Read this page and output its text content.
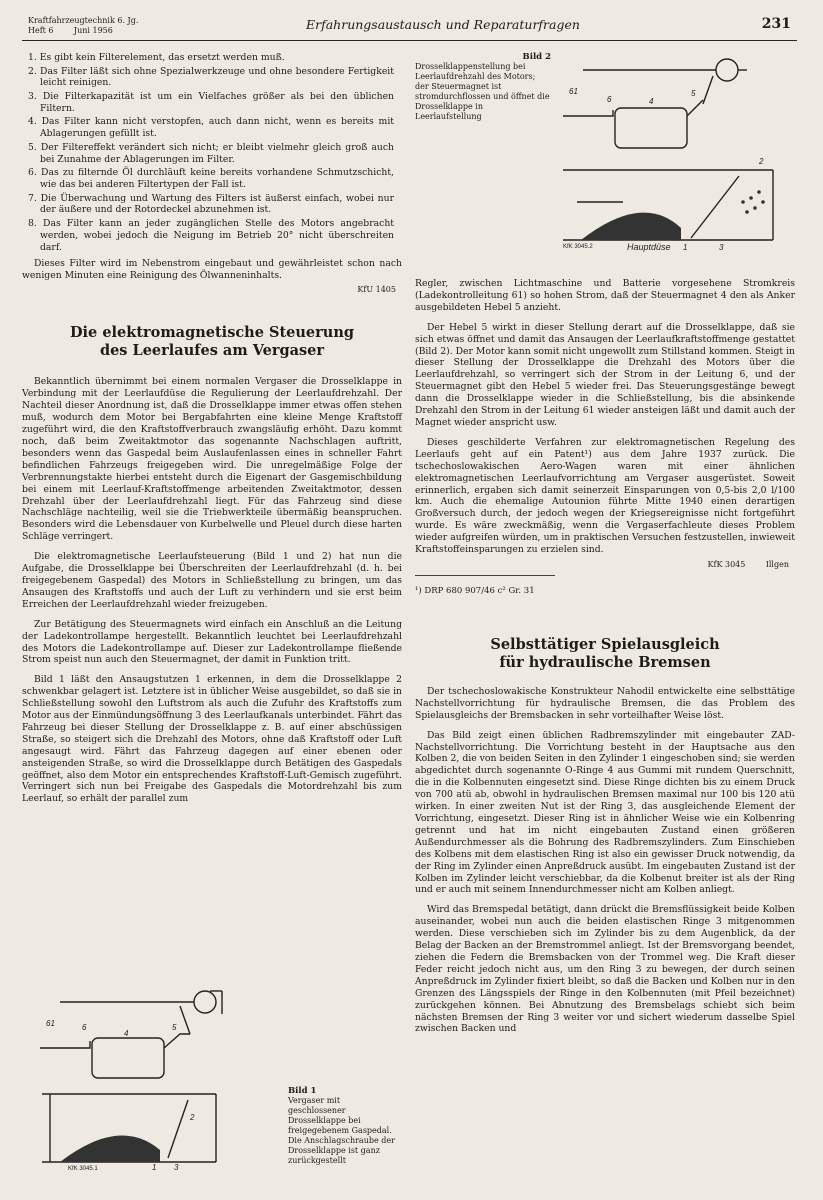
Kraftfahrzeugtechnik 6. Jg.
Heft 6        Juni 1956	Erfahrungsaustausch und Reparaturfragen	231
1. Es gibt kein Filterelement, das ersetzt werden muß.
2. Das Filter läßt sich ohne Spezialwerkzeuge und ohne besondere Fertigkeit leicht reinigen.
3. Die Filterkapazität ist um ein Vielfaches größer als bei den üblichen Filtern.
4. Das Filter kann nicht verstopfen, auch dann nicht, wenn es bereits mit Ablagerungen gefüllt ist.
5. Der Filtereffekt verändert sich nicht; er bleibt vielmehr gleich groß auch bei Zunahme der Ablagerungen im Filter.
6. Das zu filternde Öl durchläuft keine bereits vorhandene Schmutzschicht, wie das bei anderen Filtertypen der Fall ist.
7. Die Überwachung und Wartung des Filters ist äußerst einfach, wobei nur der äußere und der Rotordeckel abzunehmen ist.
8. Das Filter kann an jeder zugänglichen Stelle des Motors angebracht werden, wobei jedoch die Neigung im Betrieb 20° nicht überschreiten darf.

Dieses Filter wird im Nebenstrom eingebaut und gewährleistet schon nach wenigen Minuten eine Reinigung des Ölwanneninhalts.

KfU 1405
Die elektromagnetische Steuerung
des Leerlaufes am Vergaser

Bekanntlich übernimmt bei einem normalen Vergaser die Drosselklappe in Verbindung mit der Leerlaufdüse die Regulierung der Leerlaufdrehzahl. Der Nachteil dieser Anordnung ist, daß die Drosselklappe immer etwas offen stehen muß, wodurch dem Motor bei Bergabfahrten eine kleine Menge Kraftstoff zugeführt wird, die den Kraftstoffverbrauch zwangsläufig erhöht. Dazu kommt noch, daß beim Zweitaktmotor das sogenannte Nachschlagen auftritt, besonders wenn das Gaspedal beim Auslaufenlassen eines in schneller Fahrt befindlichen Fahrzeugs freigegeben wird. Die unregelmäßige Folge der Verbrennungstakte hierbei entsteht durch die Eigenart der Gasgemischbildung bei einem mit Leerlauf-Kraftstoffmenge arbeitenden Zweitaktmotor, dessen Drehzahl über der Leerlaufdrehzahl liegt. Für das Fahrzeug sind diese Nachschläge nachteilig, weil sie die Triebwerkteile übermäßig beanspruchen. Besonders wird die Lebensdauer von Kurbelwelle und Pleuel durch diese harten Schläge verringert.

Die elektromagnetische Leerlaufsteuerung (Bild 1 und 2) hat nun die Aufgabe, die Drosselklappe bei Überschreiten der Leerlaufdrehzahl (d. h. bei freigegebenem Gaspedal) des Motors in Schließstellung zu bringen, um das Ansaugen des Kraftstoffs und auch der Luft zu verhindern und sie erst beim Erreichen der Leerlaufdrehzahl wieder freizugeben.

Zur Betätigung des Steuermagnets wird einfach ein Anschluß an die Leitung der Ladekontrollampe hergestellt. Bekanntlich leuchtet bei Leerlaufdrehzahl des Motors die Ladekontrollampe auf. Dieser zur Ladekontrollampe fließende Strom speist nun auch den Steuermagnet, der damit in Funktion tritt.

Bild 1 läßt den Ansaugstutzen 1 erkennen, in dem die Drosselklappe 2 schwenkbar gelagert ist. Letztere ist in üblicher Weise ausgebildet, so daß sie in Schließstellung sowohl den Luftstrom als auch die Zufuhr des Kraftstoffs zum Motor aus der Einmündungsöffnung 3 des Leerlaufkanals unterbindet. Fährt das Fahrzeug bei dieser Stellung der Drosselklappe z. B. auf einer abschüssigen Straße, so steigert sich die Drehzahl des Motors, ohne daß Kraftstoff oder Luft angesaugt wird. Fährt das Fahrzeug dagegen auf einer ebenen oder ansteigenden Straße, so wird die Drosselklappe durch Betätigen des Gaspedals geöffnet, also dem Motor ein entsprechendes Kraftstoff-Luft-Gemisch zugeführt. Verringert sich nun bei Freigabe des Gaspedals die Motordrehzahl bis zum Leerlauf, so erhält der parallel zum

61	6
4
5
2
1 3
KfK 3045.1
Bild 1
Vergaser mit geschlossener Drosselklappe bei freigegebenem Gaspedal. Die Anschlagschraube der Drosselklappe ist ganz zurückgestellt
Bild 2
Drosselklappenstellung bei Leerlaufdrehzahl des Motors; der Steuermagnet ist stromdurchflossen und öffnet die Drosselklappe in Leerlaufstellung
61
6	4
5
2
1	3
Hauptdüse
KfK 3045.2

Regler, zwischen Lichtmaschine und Batterie vorgesehene Stromkreis (Ladekontrolleitung 61) so hohen Strom, daß der Steuermagnet 4 den als Anker ausgebildeten Hebel 5 anzieht.

Der Hebel 5 wirkt in dieser Stellung derart auf die Drosselklappe, daß sie sich etwas öffnet und damit das Ansaugen der Leerlaufkraftstoffmenge gestattet (Bild 2). Der Motor kann somit nicht ungewollt zum Stillstand kommen. Steigt in dieser Stellung der Drosselklappe die Drehzahl des Motors über die Leerlaufdrehzahl, so verringert sich der Strom in der Leitung 6, und der Steuermagnet gibt den Hebel 5 wieder frei. Das Steuerungsgestänge bewegt dann die Drosselklappe wieder in die Schließstellung, bis die absinkende Drehzahl den Strom in der Leitung 61 wieder ansteigen läßt und damit auch der Magnet wieder anspricht usw.

Dieses geschilderte Verfahren zur elektromagnetischen Regelung des Leerlaufs geht auf ein Patent¹) aus dem Jahre 1937 zurück. Die tschechoslowakischen Aero-Wagen waren mit einer ähnlichen elektromagnetischen Leerlaufvorrichtung am Vergaser ausgerüstet. Soweit erinnerlich, ergaben sich damit seinerzeit Einsparungen von 0,5-bis 2,0 l/100 km. Auch die ehemalige Autounion führte Mitte 1940 einen derartigen Großversuch durch, der jedoch wegen der Kriegsereignisse nicht fortgeführt wurde. Es wäre zweckmäßig, wenn die Vergaserfachleute dieses Problem wieder aufgreifen würden, um in praktischen Versuchen festzustellen, inwieweit Kraftstoffeinsparungen zu erzielen sind.

KfK 3045        Illgen
¹) DRP 680 907/46 c² Gr. 31
Selbsttätiger Spielausgleich
für hydraulische Bremsen

Der tschechoslowakische Konstrukteur Nahodil entwickelte eine selbsttätige Nachstellvorrichtung für hydraulische Bremsen, die das Problem des Spielausgleichs der Bremsbacken in sehr vorteilhafter Weise löst.

Das Bild zeigt einen üblichen Radbremszylinder mit eingebauter ZAD-Nachstellvorrichtung. Die Vorrichtung besteht in der Hauptsache aus den Kolben 2, die von beiden Seiten in den Zylinder 1 eingeschoben sind; sie werden abgedichtet durch sogenannte O-Ringe 4 aus Gummi mit rundem Querschnitt, die in die Kolbennuten eingesetzt sind. Diese Ringe dichten bis zu einem Druck von 700 atü ab, obwohl in hydraulischen Bremsen maximal nur 100 bis 120 atü wirken. In einer zweiten Nut ist der Ring 3, das ausgleichende Element der Vorrichtung, eingesetzt. Dieser Ring ist in ähnlicher Weise wie ein Kolbenring getrennt und hat im nicht eingebauten Zustand einen größeren Außendurchmesser als die Bohrung des Radbremszylinders. Zum Einschieben des Kolbens mit dem elastischen Ring ist also ein gewisser Druck notwendig, da der Ring im Zylinder einen Anpreßdruck ausübt. Im eingebauten Zustand ist der Kolben im Zylinder leicht verschiebbar, da die Kolbenut breiter ist als der Ring und er auch mit seinem Innendurchmesser nicht am Kolben anliegt.

Wird das Bremspedal betätigt, dann drückt die Bremsflüssigkeit beide Kolben auseinander, wobei nun auch die beiden elastischen Ringe 3 mitgenommen werden. Diese verschieben sich im Zylinder bis zu dem Augenblick, da der Belag der Backen an der Bremstrommel anliegt. Ist der Bremsvorgang beendet, ziehen die Federn die Bremsbacken von der Trommel weg. Die Kraft dieser Feder reicht jedoch nicht aus, um den Ring 3 zu bewegen, der durch seinen Anpreßdruck im Zylinder fixiert bleibt, so daß die Backen und Kolben nur in den Grenzen des Längsspiels der Ringe in den Kolbennuten (mit Pfeil bezeichnet) zurückgehen können. Bei Abnutzung des Bremsbelags schiebt sich beim nächsten Bremsen der Ring 3 weiter vor und sichert wiederum dasselbe Spiel zwischen Backen und
